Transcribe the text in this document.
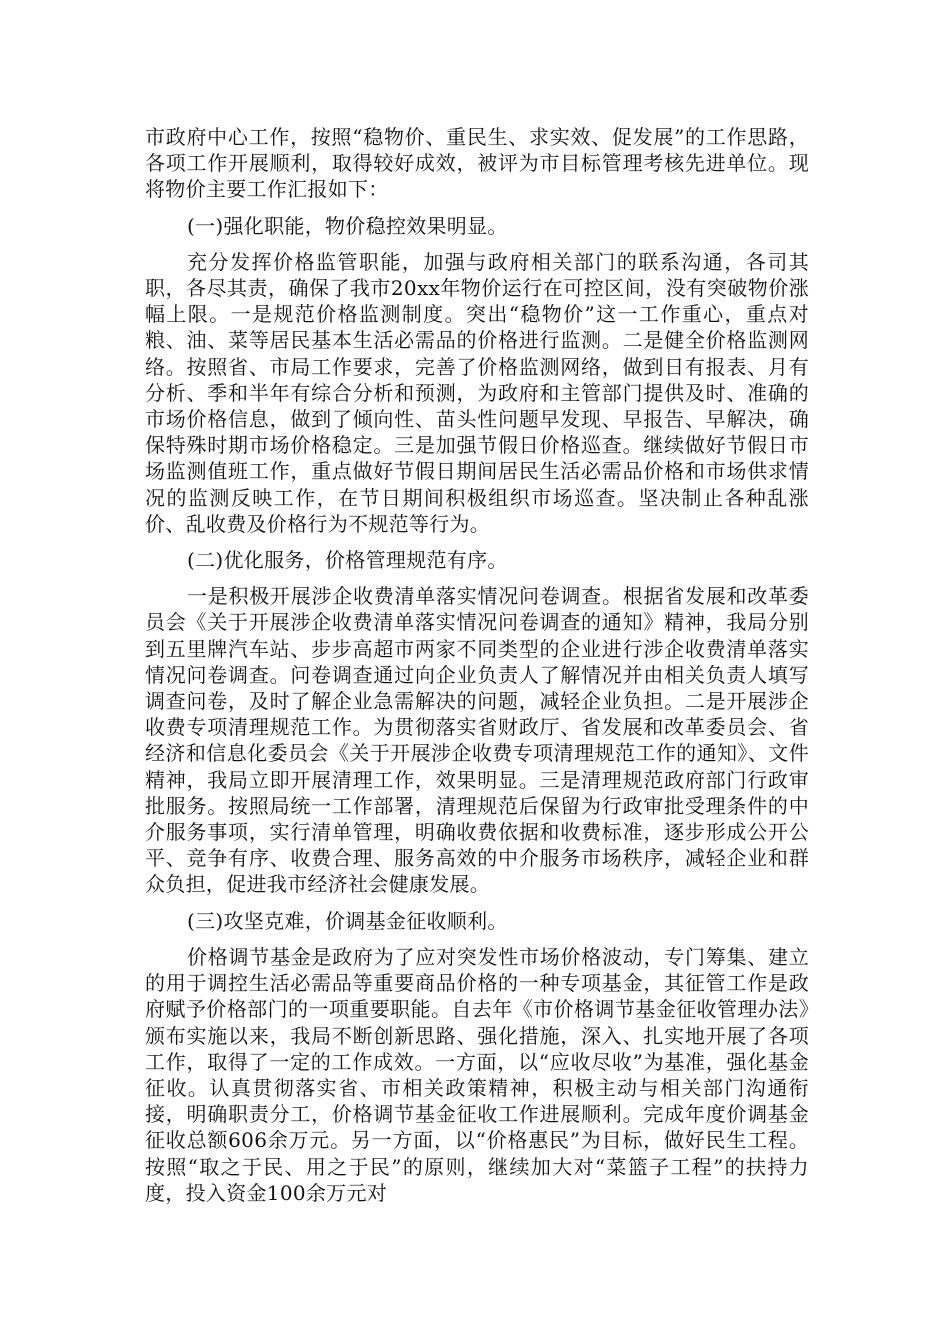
市政府中心工作，按照“稳物价、重民生、求实效、促发展”的工作思路，各项工作开展顺利，取得较好成效，被评为市目标管理考核先进单位。现将物价主要工作汇报如下：

(一)强化职能，物价稳控效果明显。

充分发挥价格监管职能，加强与政府相关部门的联系沟通，各司其职，各尽其责，确保了我市20xx年物价运行在可控区间，没有突破物价涨幅上限。一是规范价格监测制度。突出“稳物价”这一工作重心，重点对粮、油、菜等居民基本生活必需品的价格进行监测。二是健全价格监测网络。按照省、市局工作要求，完善了价格监测网络，做到日有报表、月有分析、季和半年有综合分析和预测，为政府和主管部门提供及时、准确的市场价格信息，做到了倾向性、苗头性问题早发现、早报告、早解决，确保特殊时期市场价格稳定。三是加强节假日价格巡查。继续做好节假日市场监测值班工作，重点做好节假日期间居民生活必需品价格和市场供求情况的监测反映工作，在节日期间积极组织市场巡查。坚决制止各种乱涨价、乱收费及价格行为不规范等行为。

(二)优化服务，价格管理规范有序。

一是积极开展涉企收费清单落实情况问卷调查。根据省发展和改革委员会《关于开展涉企收费清单落实情况问卷调查的通知》精神，我局分别到五里牌汽车站、步步高超市两家不同类型的企业进行涉企收费清单落实情况问卷调查。问卷调查通过向企业负责人了解情况并由相关负责人填写调查问卷，及时了解企业急需解决的问题，减轻企业负担。二是开展涉企收费专项清理规范工作。为贯彻落实省财政厅、省发展和改革委员会、省经济和信息化委员会《关于开展涉企收费专项清理规范工作的通知》、文件精神，我局立即开展清理工作，效果明显。三是清理规范政府部门行政审批服务。按照局统一工作部署，清理规范后保留为行政审批受理条件的中介服务事项，实行清单管理，明确收费依据和收费标准，逐步形成公开公平、竞争有序、收费合理、服务高效的中介服务市场秩序，减轻企业和群众负担，促进我市经济社会健康发展。

(三)攻坚克难，价调基金征收顺利。

价格调节基金是政府为了应对突发性市场价格波动，专门筹集、建立的用于调控生活必需品等重要商品价格的一种专项基金，其征管工作是政府赋予价格部门的一项重要职能。自去年《市价格调节基金征收管理办法》颁布实施以来，我局不断创新思路、强化措施，深入、扎实地开展了各项工作，取得了一定的工作成效。一方面，以“应收尽收”为基准，强化基金征收。认真贯彻落实省、市相关政策精神，积极主动与相关部门沟通衔接，明确职责分工，价格调节基金征收工作进展顺利。完成年度价调基金征收总额606余万元。另一方面，以“价格惠民”为目标，做好民生工程。按照“取之于民、用之于民”的原则，继续加大对“菜篮子工程”的扶持力度，投入资金100余万元对
